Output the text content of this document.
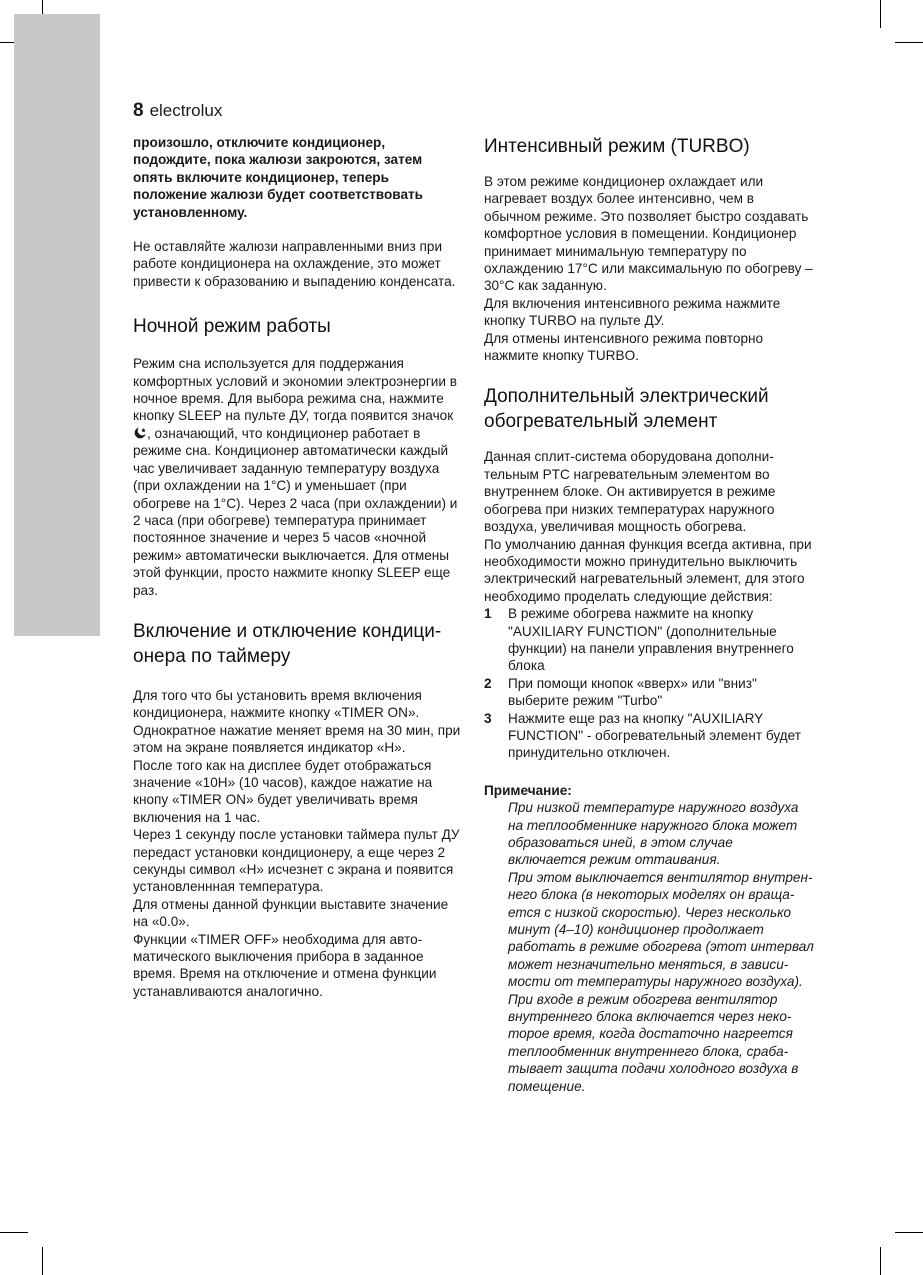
8 electrolux

произошло, отключите кондиционер, подождите, пока жалюзи закроются, затем опять включите кондиционер, теперь положение жалюзи будет соответствовать установленному.

Не оставляйте жалюзи направленными вниз при работе кондиционера на охлаждение, это может привести к образованию и выпадению конденсата.

Ночной режим работы

Режим сна используется для поддержания комфортных условий и экономии электроэнергии в ночное время. Для выбора режима сна, нажмите кнопку SLEEP на пульте ДУ, тогда появится значок , означающий, что кондиционер работает в режиме сна. Кондиционер автоматически каждый час увеличивает заданную температуру воздуха (при охлаждении на 1°C) и уменьшает (при обогреве на 1°C). Через 2 часа (при охлаждении) и 2 часа (при обогреве) температура принимает постоянное значение и через 5 часов «ночной режим» автоматически выключается. Для отмены этой функции, просто нажмите кнопку SLEEP еще раз.

Включение и отключение кондиционера по таймеру

Для того что бы установить время включения кондиционера, нажмите кнопку «TIMER ON». Однократное нажатие меняет время на 30 мин, при этом на экране появляется индикатор «H».

После того как на дисплее будет отображаться значение «10H» (10 часов), каждое нажатие на кнопу «TIMER ON» будет увеличивать время включения на 1 час.

Через 1 секунду после установки таймера пульт ДУ передаст установки кондиционеру, а еще через 2 секунды символ «H» исчезнет с экрана и появится установленнная температура.

Для отмены данной функции выставите значение на «0.0».

Функции «TIMER OFF» необходима для автоматического выключения прибора в заданное время. Время на отключение и отмена функции устанавливаются аналогично.

Интенсивный режим (TURBO)

В этом режиме кондиционер охлаждает или нагревает воздух более интенсивно, чем в обычном режиме. Это позволяет быстро создавать комфортное условия в помещении. Кондиционер принимает минимальную температуру по охлаждению 17°C или максимальную по обогреву – 30°C как заданную.

Для включения интенсивного режима нажмите кнопку TURBO на пульте ДУ.

Для отмены интенсивного режима повторно нажмите кнопку TURBO.

Дополнительный электрический обогревательный элемент

Данная сплит-система оборудована дополнительным PTC нагревательным элементом во внутреннем блоке. Он активируется в режиме обогрева при низких температурах наружного воздуха, увеличивая мощность обогрева.

По умолчанию данная функция всегда активна, при необходимости можно принудительно выключить электрический нагревательный элемент, для этого необходимо проделать следующие действия:

1 В режиме обогрева нажмите на кнопку "AUXILIARY FUNCTION" (дополнительные функции) на панели управления внутреннего блока
2 При помощи кнопок «вверх» или "вниз" выберите режим "Turbo"
3 Нажмите еще раз на кнопку "AUXILIARY FUNCTION" - обогревательный элемент будет принудительно отключен.

Примечание:

При низкой температуре наружного воздуха на теплообменнике наружного блока может образоваться иней, в этом случае включается режим оттаивания.

При этом выключается вентилятор внутреннего блока (в некоторых моделях он вращается с низкой скоростью). Через несколько минут (4–10) кондиционер продолжает работать в режиме обогрева (этот интервал может незначительно меняться, в зависимости от температуры наружного воздуха).

При входе в режим обогрева вентилятор внутреннего блока включается через некоторое время, когда достаточно нагреется теплообменник внутреннего блока, срабатывает защита подачи холодного воздуха в помещение.
